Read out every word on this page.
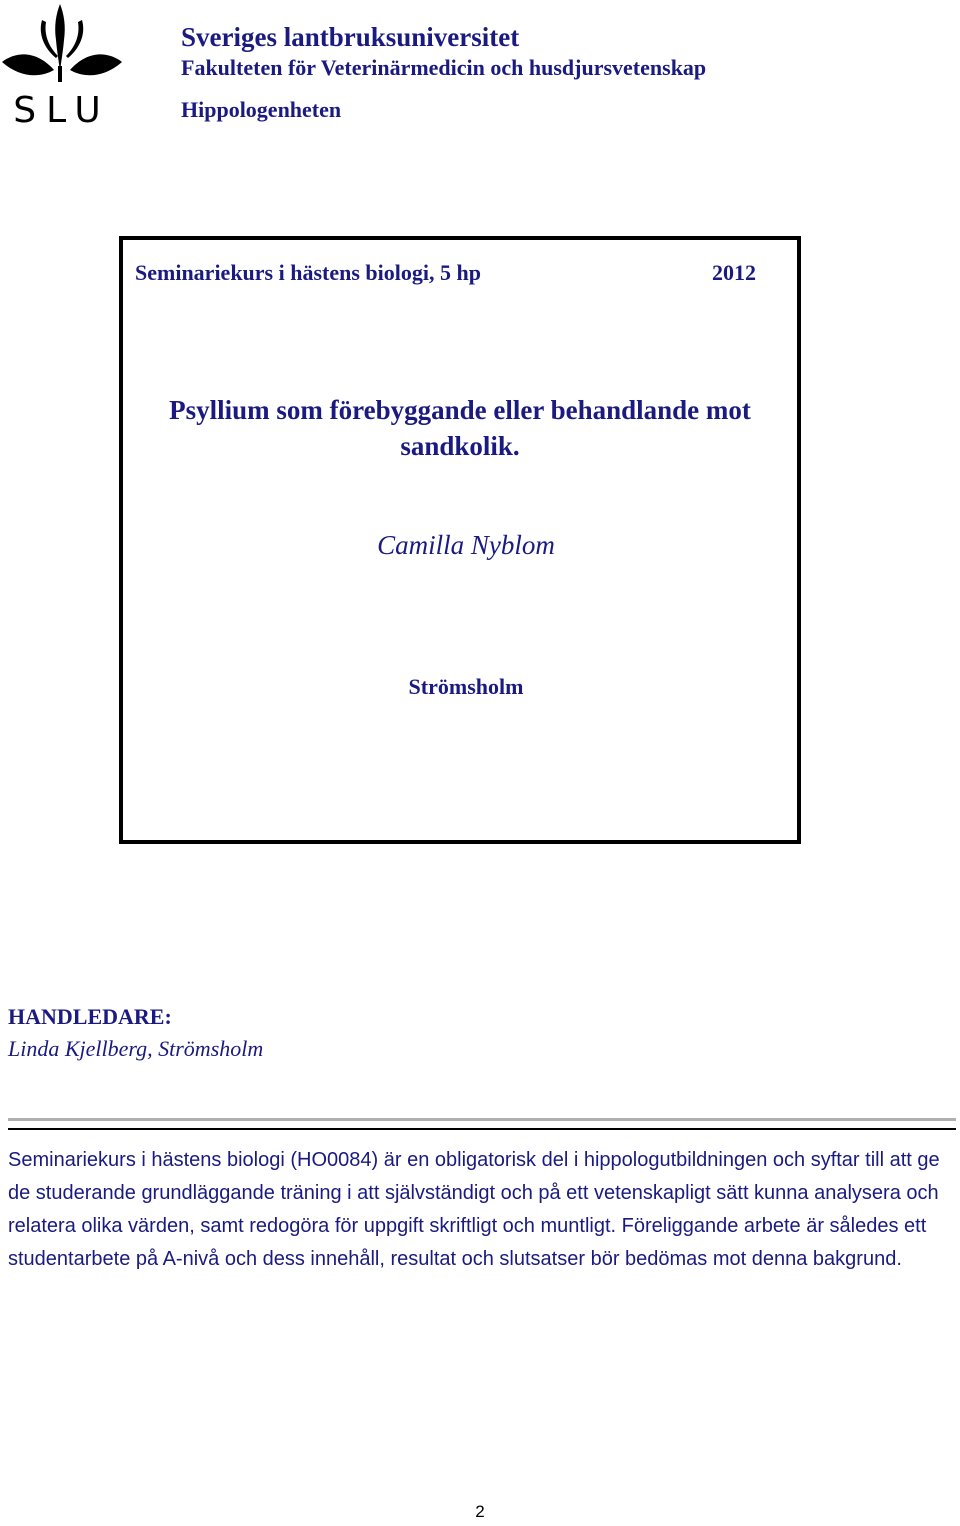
SLU

Sveriges lantbruksuniversitet

Fakulteten för Veterinärmedicin och husdjursvetenskap

Hippologenheten

Seminariekurs i hästens biologi, 5 hp	2012
Psyllium som förebyggande eller behandlande mot
sandkolik.
Camilla Nyblom
Strömsholm
HANDLEDARE:
Linda Kjellberg, Strömsholm

Seminariekurs i hästens biologi (HO0084) är en obligatorisk del i hippologutbildningen och syftar till att ge de studerande grundläggande träning i att självständigt och på ett vetenskapligt sätt kunna analysera och relatera olika värden, samt redogöra för uppgift skriftligt och muntligt. Föreliggande arbete är således ett studentarbete på A-nivå och dess innehåll, resultat och slutsatser bör bedömas mot denna bakgrund.

2
